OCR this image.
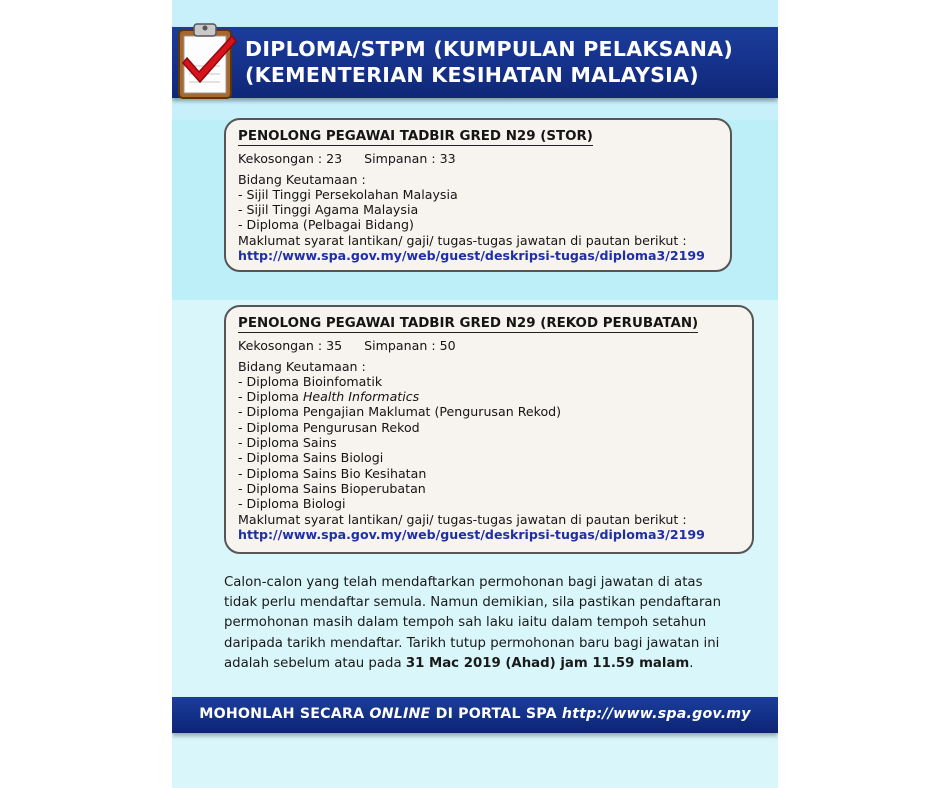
DIPLOMA/STPM (KUMPULAN PELAKSANA)
(KEMENTERIAN KESIHATAN MALAYSIA)
PENOLONG PEGAWAI TADBIR GRED N29 (STOR)
Kekosongan : 23 Simpanan : 33
Bidang Keutamaan :
- Sijil Tinggi Persekolahan Malaysia
- Sijil Tinggi Agama Malaysia
- Diploma (Pelbagai Bidang)
Maklumat syarat lantikan/ gaji/ tugas-tugas jawatan di pautan berikut :
http://www.spa.gov.my/web/guest/deskripsi-tugas/diploma3/2199
PENOLONG PEGAWAI TADBIR GRED N29 (REKOD PERUBATAN)
Kekosongan : 35 Simpanan : 50
Bidang Keutamaan :
- Diploma Bioinfomatik
- Diploma Health Informatics
- Diploma Pengajian Maklumat (Pengurusan Rekod)
- Diploma Pengurusan Rekod
- Diploma Sains
- Diploma Sains Biologi
- Diploma Sains Bio Kesihatan
- Diploma Sains Bioperubatan
- Diploma Biologi
Maklumat syarat lantikan/ gaji/ tugas-tugas jawatan di pautan berikut :
http://www.spa.gov.my/web/guest/deskripsi-tugas/diploma3/2199
Calon-calon yang telah mendaftarkan permohonan bagi jawatan di atas
tidak perlu mendaftar semula. Namun demikian, sila pastikan pendaftaran
permohonan masih dalam tempoh sah laku iaitu dalam tempoh setahun
daripada tarikh mendaftar. Tarikh tutup permohonan baru bagi jawatan ini
adalah sebelum atau pada 31 Mac 2019 (Ahad) jam 11.59 malam.
MOHONLAH SECARA ONLINE DI PORTAL SPA http://www.spa.gov.my
